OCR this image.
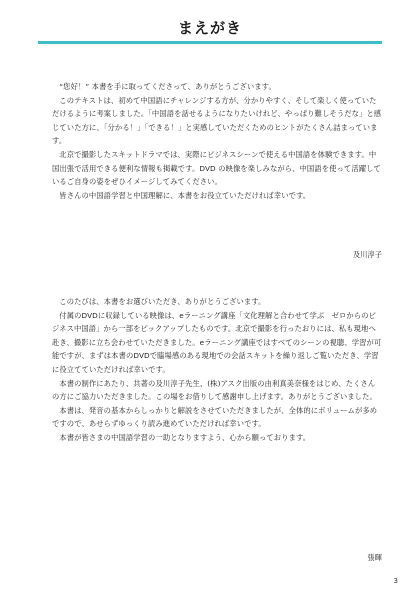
まえがき

“您好！” 本書を手に取ってくださって、ありがとうございます。

このテキストは、初めて中国語にチャレンジする方が、分かりやすく、そして楽しく使っていただけるように考案しました。「中国語を話せるようになりたいけれど、やっぱり難しそうだな」と感じていた方に、「分かる！」「できる！」と実感していただくためのヒントがたくさん詰まっています。

北京で撮影したスキットドラマでは、実際にビジネスシーンで使える中国語を体験できます。中国出張で活用できる便利な情報も掲載です。DVD の映像を楽しみながら、中国語を使って活躍しているご自身の姿をぜひイメージしてみてください。

皆さんの中国語学習と中国理解に、本書をお役立ていただければ幸いです。

及川淳子

このたびは、本書をお選びいただき、ありがとうございます。

付属のDVDに収録している映像は、eラーニング講座「文化理解と合わせて学ぶ　ゼロからのビジネス中国語」から一部をピックアップしたものです。北京で撮影を行ったおりには、私も現地へ赴き、撮影に立ち会わせていただきました。eラーニング講座ではすべてのシーンの視聴、学習が可能ですが、まずは本書のDVDで臨場感のある現地での会話スキットを繰り返しご覧いただき、学習に役立てていただければ幸いです。

本書の制作にあたり、共著の及川淳子先生、(株)アスク出版の由利真美奈様をはじめ、たくさんの方にご協力いただきました。この場をお借りして感謝申し上げます。ありがとうございました。

本書は、発音の基本からしっかりと解説をさせていただきましたが、全体的にボリュームが多めですので、あせらずゆっくり読み進めていただければ幸いです。

本書が皆さまの中国語学習の一助となりますよう、心から願っております。

張暉
3
